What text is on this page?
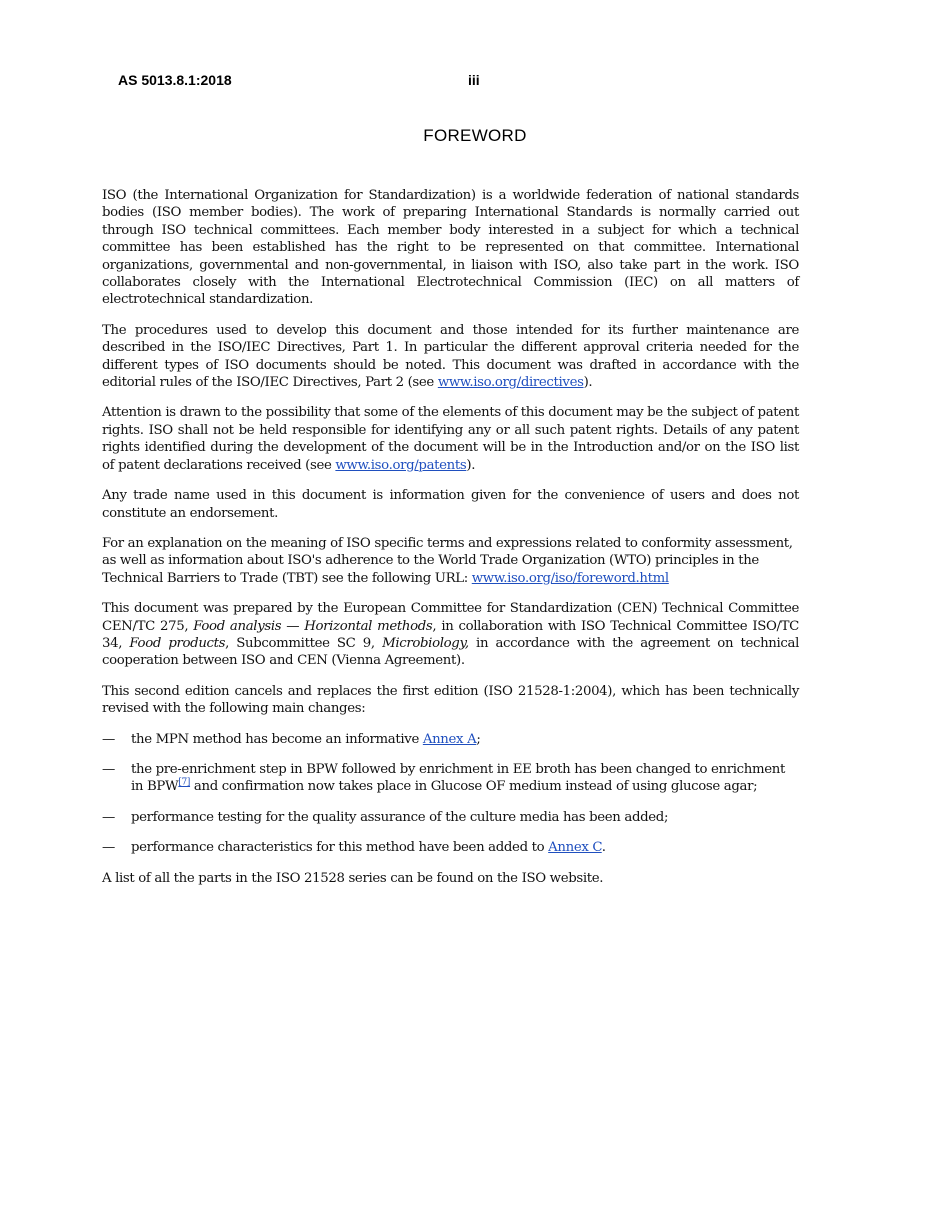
AS 5013.8.1:2018	iii
FOREWORD

ISO (the International Organization for Standardization) is a worldwide federation of national standards bodies (ISO member bodies). The work of preparing International Standards is normally carried out through ISO technical committees. Each member body interested in a subject for which a technical committee has been established has the right to be represented on that committee. International organizations, governmental and non-governmental, in liaison with ISO, also take part in the work. ISO collaborates closely with the International Electrotechnical Commission (IEC) on all matters of electrotechnical standardization.

The procedures used to develop this document and those intended for its further maintenance are described in the ISO/IEC Directives, Part 1. In particular the different approval criteria needed for the different types of ISO documents should be noted. This document was drafted in accordance with the editorial rules of the ISO/IEC Directives, Part 2 (see www.iso.org/directives).

Attention is drawn to the possibility that some of the elements of this document may be the subject of patent rights. ISO shall not be held responsible for identifying any or all such patent rights. Details of any patent rights identified during the development of the document will be in the Introduction and/or on the ISO list of patent declarations received (see www.iso.org/patents).

Any trade name used in this document is information given for the convenience of users and does not constitute an endorsement.

For an explanation on the meaning of ISO specific terms and expressions related to conformity assessment, as well as information about ISO's adherence to the World Trade Organization (WTO) principles in the Technical Barriers to Trade (TBT) see the following URL: www.iso.org/iso/foreword.html

This document was prepared by the European Committee for Standardization (CEN) Technical Committee CEN/TC 275, Food analysis — Horizontal methods, in collaboration with ISO Technical Committee ISO/TC 34, Food products, Subcommittee SC 9, Microbiology, in accordance with the agreement on technical cooperation between ISO and CEN (Vienna Agreement).

This second edition cancels and replaces the first edition (ISO 21528-1:2004), which has been technically revised with the following main changes:

— the MPN method has become an informative Annex A;
— the pre-enrichment step in BPW followed by enrichment in EE broth has been changed to enrichment in BPW[7] and confirmation now takes place in Glucose OF medium instead of using glucose agar;
— performance testing for the quality assurance of the culture media has been added;
— performance characteristics for this method have been added to Annex C.

A list of all the parts in the ISO 21528 series can be found on the ISO website.
